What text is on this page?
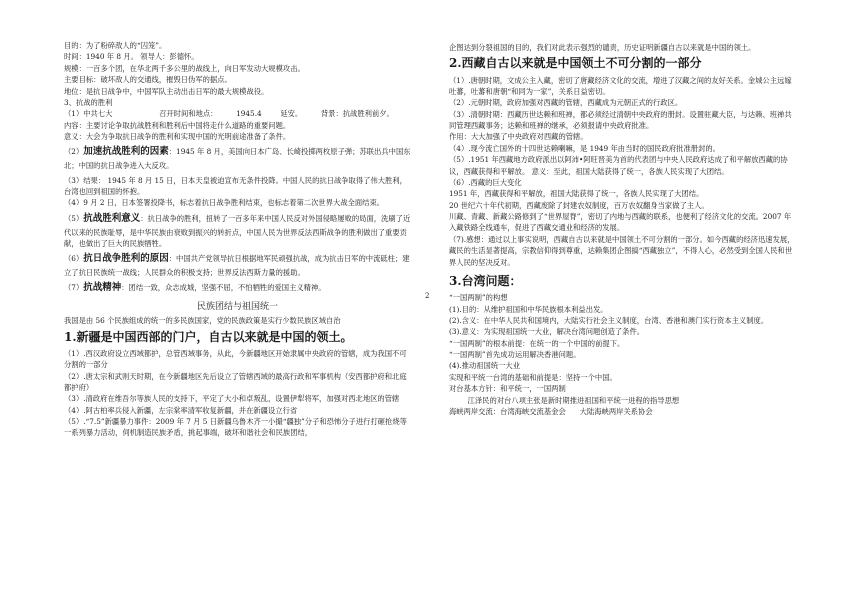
目的：为了粉碎敌人的“囚笼”。
时间：1940 年 8 月。 领导人：彭德怀。
规模：一百多个团，在华北两千多公里的战线上，向日军发动大规模攻击。
主要目标：破坏敌人的交通线，摧毁日伪军的据点。
地位：是抗日战争中，中国军队主动出击日军的最大规模战役。
3、抗战的胜利
（1）中共七大	召开时间和地点：	1945.4	延安。	背景：抗战胜利前夕。
内容：主要讨论争取抗战胜利和胜利后中国将走什么道路的重要问题。
意义：大会为争取抗日战争的胜利和实现中国的光明前途准备了条件。
（2）加速抗战胜利的因素：1945 年 8 月，美国向日本广岛、长崎投掷两枚原子弹；苏联出兵中国东北；中国的抗日战争进入大反攻。
（3）结果： 1945 年 8 月 15 日，日本天皇被迫宣布无条件投降。中国人民的抗日战争取得了伟大胜利，台湾也回到祖国的怀抱。
（4）9 月 2 日，日本签署投降书，标志着抗日战争胜利结束，也标志着第二次世界大战全面结束。
（5）抗战胜利意义：抗日战争的胜利，扭转了一百多年来中国人民反对外国侵略屡败的局面，洗刷了近代以来的民族耻辱，是中华民族由衰败到振兴的转折点，中国人民为世界反法西斯战争的胜利做出了重要贡献，也做出了巨大的民族牺牲。
（6）抗日战争胜利的原因：中国共产党领导抗日根据地军民顽强抗战，成为抗击日军的中流砥柱；建立了抗日民族统一战线；人民群众的积极支持；世界反法西斯力量的援助。
（7）抗战精神：团结一致，众志成城，坚强不屈，不怕牺牲的爱国主义精神。
民族团结与祖国统一
我国是由 56 个民族组成的统一的多民族国家，党的民族政策是实行少数民族区域自治
1.新疆是中国西部的门户，自古以来就是中国的领土。
（1）.西汉政府设立西域都护，总管西域事务，从此，今新疆地区开始隶属中央政府的管辖，成为我国不可分割的一部分
（2）.唐太宗和武则天时期，在今新疆地区先后设立了管辖西域的最高行政和军事机构（安西都护府和北庭都护府）
（3）.清政府在维吾尔等族人民的支持下，平定了大小和卓叛乱，设置伊犁将军，加强对西北地区的管辖
（4）.阿古柏率兵侵入新疆，左宗棠率清军收复新疆，并在新疆设立行省
（5）.“7.5”新疆暴力事件：2009 年 7 月 5 日新疆乌鲁木齐一小撮“疆独”分子和恐怖分子进行打砸抢烧等一系列暴力活动，伺机制造民族矛盾，挑起事端，破坏和谐社会和民族团结，
2
企图达到分裂祖国的目的，我们对此表示强烈的谴责，历史证明新疆自古以来就是中国的领土。
2.西藏自古以来就是中国领土不可分割的一部分
（1）.唐朝时期，文成公主入藏，密切了唐藏经济文化的交流，增进了汉藏之间的友好关系。金城公主远嫁吐蕃，吐蕃和唐朝“和同为一家”，关系日益密切。
（2）.元朝时期，政府加强对西藏的管辖，西藏成为元朝正式的行政区。
（3）.清朝时期：西藏历世达赖和班禅，都必须经过清朝中央政府的册封。设置驻藏大臣，与达赖、班禅共同管理西藏事务；达赖和班禅的继承，必须报请中央政府批准。
作用：大大加强了中央政府对西藏的管辖。
（4）.现今流亡国外的十四世达赖喇嘛，是 1949 年由当时的国民政府批准册封的。
（5）.1951 年西藏地方政府派出以阿沛•阿旺晋美为首的代表团与中央人民政府达成了和平解放西藏的协议，西藏获得和平解放。 意义：至此，祖国大陆获得了统一，各族人民实现了大团结。
（6）.西藏的巨大变化
1951 年，西藏获得和平解放，祖国大陆获得了统一，各族人民实现了大团结。
20 世纪六十年代初期，西藏废除了封建农奴制度，百万农奴翻身当家做了主人。
川藏、青藏、新藏公路修到了“世界屋脊”，密切了内地与西藏的联系，也便利了经济文化的交流。2007 年入藏铁路全线通车，促进了西藏交通业和经济的发展。
（7).感想：通过以上事实说明，西藏自古以来就是中国领土不可分割的一部分。如今西藏的经济迅速发展，藏民的生活显著提高，宗教信仰得到尊重，达赖集团企图搞“西藏独立”，不得人心，必然受到全国人民和世界人民的坚决反对。
3.台湾问题：
“一国两制”的构想
(1).目的：从维护祖国和中华民族根本利益出发。
(2).含义：在中华人民共和国境内，大陆实行社会主义制度，台湾、香港和澳门实行资本主义制度。
(3).意义：为实现祖国统一大业，解决台湾问题创造了条件。
“一国两制”的根本前提：在统一的一个中国的前提下。
“一国两制”首先成功运用解决香港问题。
(4).推动祖国统一大业
实现和平统一台湾的基础和前提是：坚持一个中国。
对台基本方针：和平统一，一国两制
江泽民的对台八项主张是新时期推进祖国和平统一进程的指导思想
海峡两岸交流：台湾海峡交流基金会      大陆海峡两岸关系协会
